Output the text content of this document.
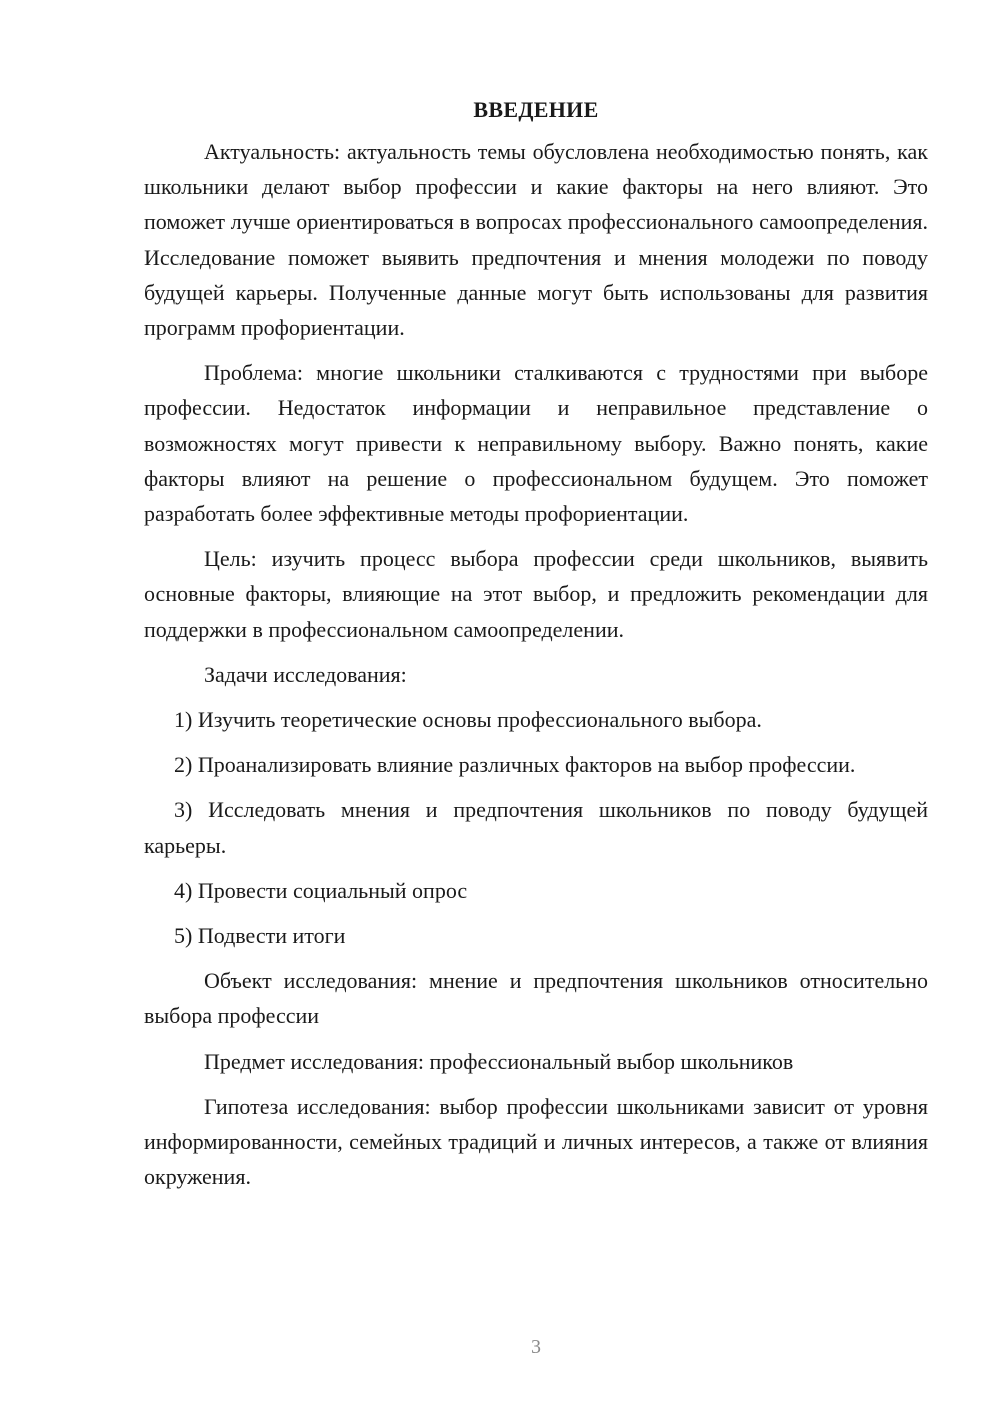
ВВЕДЕНИЕ

Актуальность: актуальность темы обусловлена необходимостью понять, как школьники делают выбор профессии и какие факторы на него влияют. Это поможет лучше ориентироваться в вопросах профессионального самоопределения. Исследование поможет выявить предпочтения и мнения молодежи по поводу будущей карьеры. Полученные данные могут быть использованы для развития программ профориентации.

Проблема: многие школьники сталкиваются с трудностями при выборе профессии. Недостаток информации и неправильное представление о возможностях могут привести к неправильному выбору. Важно понять, какие факторы влияют на решение о профессиональном будущем. Это поможет разработать более эффективные методы профориентации.

Цель: изучить процесс выбора профессии среди школьников, выявить основные факторы, влияющие на этот выбор, и предложить рекомендации для поддержки в профессиональном самоопределении.

Задачи исследования:

1) Изучить теоретические основы профессионального выбора.

2) Проанализировать влияние различных факторов на выбор профессии.

3) Исследовать мнения и предпочтения школьников по поводу будущей карьеры.

4) Провести социальный опрос

5) Подвести итоги

Объект исследования: мнение и предпочтения школьников относительно выбора профессии

Предмет исследования: профессиональный выбор школьников

Гипотеза исследования: выбор профессии школьниками зависит от уровня информированности, семейных традиций и личных интересов, а также от влияния окружения.

3
